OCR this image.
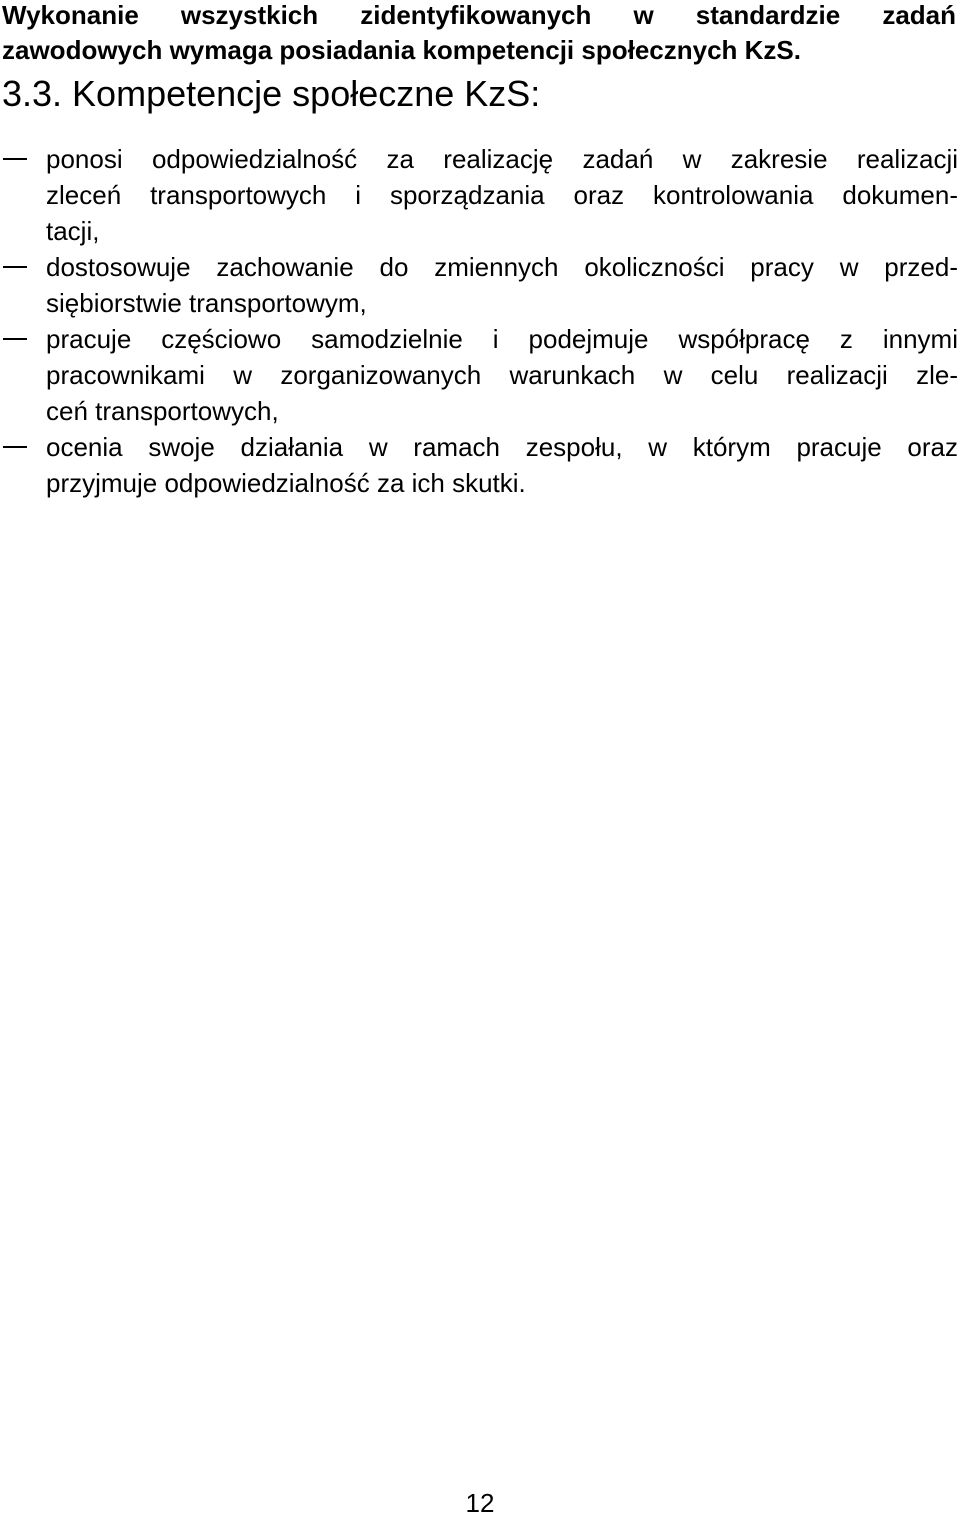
Wykonanie wszystkich zidentyfikowanych w standardzie zadań
zawodowych wymaga posiadania kompetencji społecznych KzS.

3.3. Kompetencje społeczne KzS:
ponosi odpowiedzialność za realizację zadań w zakresie realizacji
zleceń transportowych i sporządzania oraz kontrolowania dokumen-
tacji,
dostosowuje zachowanie do zmiennych okoliczności pracy w przed-
siębiorstwie transportowym,
pracuje częściowo samodzielnie i podejmuje współpracę z innymi
pracownikami w zorganizowanych warunkach w celu realizacji zle-
ceń transportowych,
ocenia swoje działania w ramach zespołu, w którym pracuje oraz
przyjmuje odpowiedzialność za ich skutki.
12
